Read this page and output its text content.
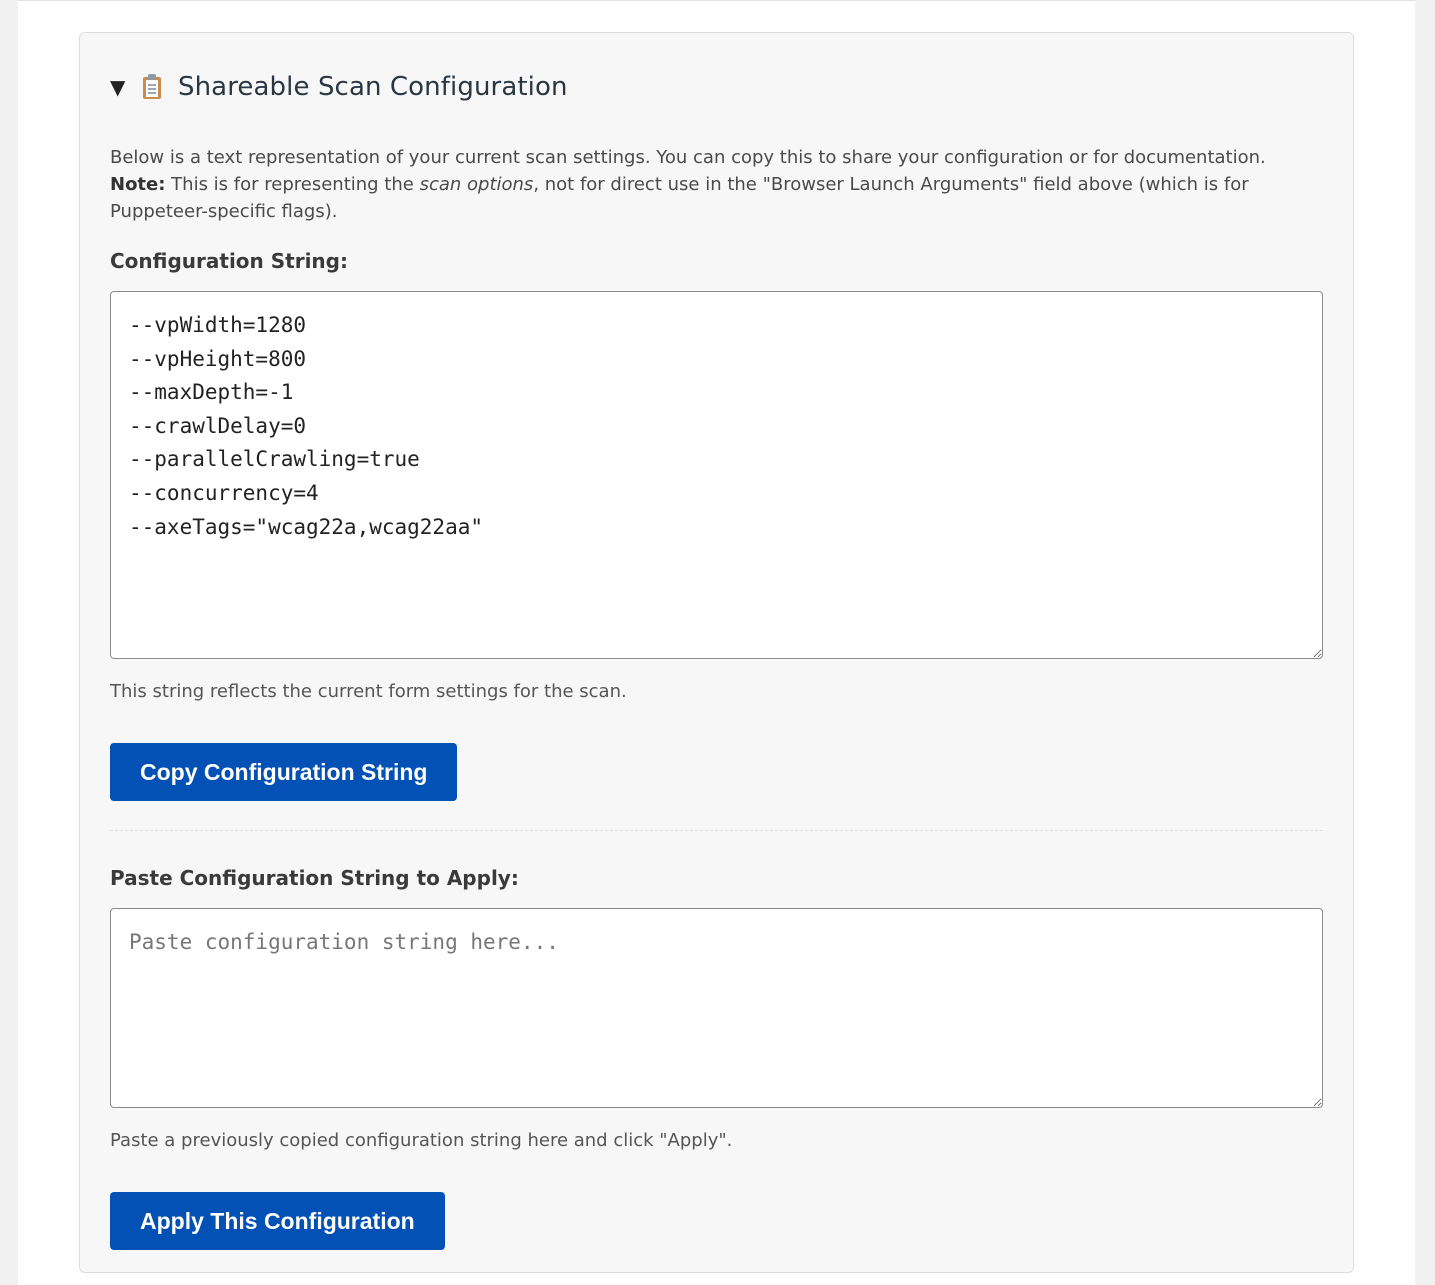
▼	Shareable Scan Configuration
Below is a text representation of your current scan settings. You can copy this to share your configuration or for documentation. Note: This is for representing the scan options, not for direct use in the "Browser Launch Arguments" field above (which is for Puppeteer-specific flags).
Configuration String:
--vpWidth=1280 --vpHeight=800 --maxDepth=-1 --crawlDelay=0 --parallelCrawling=true --concurrency=4 --axeTags="wcag22a,wcag22aa"
This string reflects the current form settings for the scan.
Copy Configuration String
Paste Configuration String to Apply:
Paste configuration string here...
Paste a previously copied configuration string here and click "Apply".
Apply This Configuration
